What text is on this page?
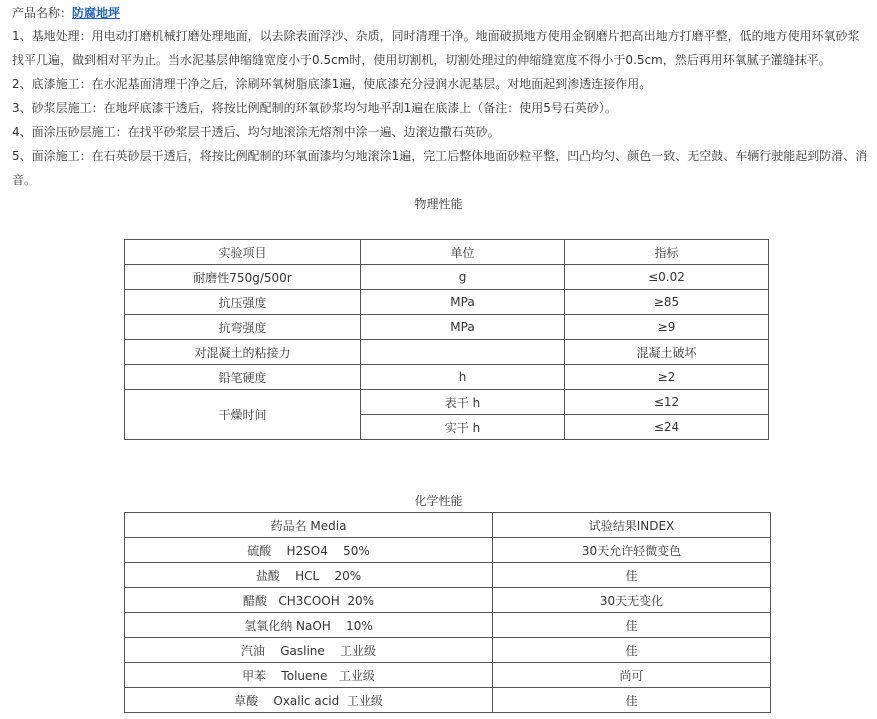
产品名称：防腐地坪

1、基地处理：用电动打磨机械打磨处理地面，以去除表面浮沙、杂质，同时清理干净。地面破损地方使用金钢磨片把高出地方打磨平整，低的地方使用环氧砂浆找平几遍，做到相对平为止。当水泥基层伸缩缝宽度小于0.5cm时，使用切割机，切割处理过的伸缩缝宽度不得小于0.5cm，然后再用环氧腻子灌缝抹平。

2、底漆施工：在水泥基面清理干净之后，涂刷环氧树脂底漆1遍，使底漆充分浸润水泥基层。对地面起到渗透连接作用。

3、砂浆层施工：在地坪底漆干透后，将按比例配制的环氧砂浆均匀地平刮1遍在底漆上（备注：使用5号石英砂）。

4、面涂压砂层施工：在找平砂浆层干透后、均匀地滚涂无熔剂中涂一遍、边滚边撒石英砂。

5、面涂施工：在石英砂层干透后，将按比例配制的环氧面漆均匀地滚涂1遍，完工后整体地面砂粒平整，凹凸均匀、颜色一致、无空鼓、车辆行驶能起到防滑、消音。

物理性能
实验项目	单位	指标
耐磨性750g/500r	g	≤0.02
抗压强度	MPa	≥85
抗弯强度	MPa	≥9
对混凝土的粘接力		混凝土破坏
铅笔硬度	h	≥2
干燥时间	表干 h	≤12
	实干 h	≤24
化学性能
药品名 Media	试验结果INDEX
硫酸    H2SO4    50%	30天允许轻微变色
盐酸    HCL    20%	佳
醋酸   CH3COOH  20%	30天无变化
氢氧化纳 NaOH    10%	佳
汽油    Gasline    工业级	佳
甲苯    Toluene   工业级	尚可
草酸    Oxalic acid  工业级	佳
